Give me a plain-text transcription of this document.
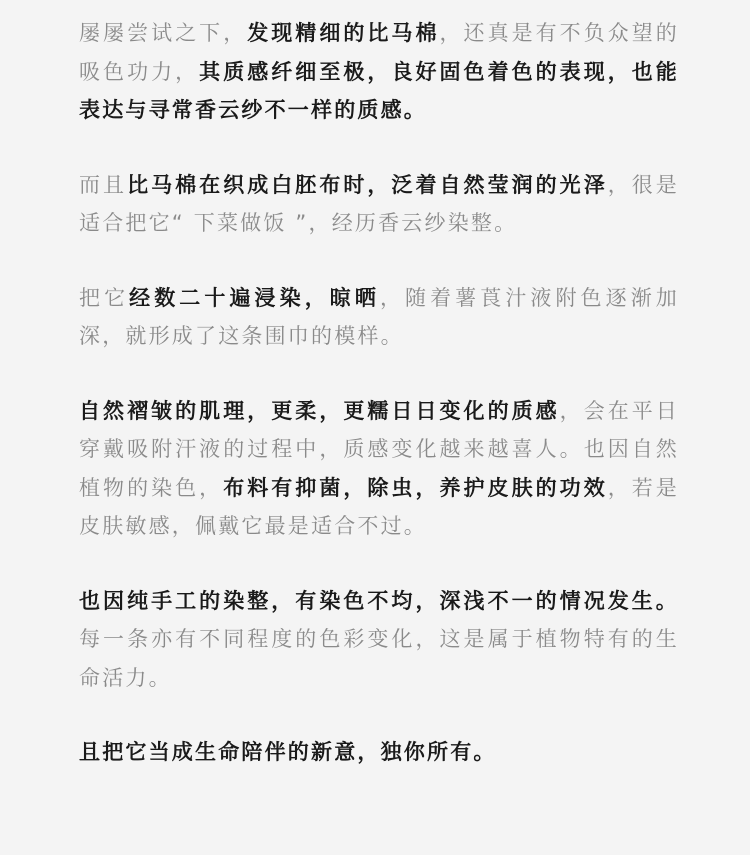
屡屡尝试之下，发现精细的比马棉，还真是有不负众望的吸色功力，其质感纤细至极，良好固色着色的表现，也能表达与寻常香云纱不一样的质感。

而且比马棉在织成白胚布时，泛着自然莹润的光泽，很是适合把它“ 下菜做饭 ”，经历香云纱染整。

把它经数二十遍浸染，晾晒，随着薯莨汁液附色逐渐加深，就形成了这条围巾的模样。

自然褶皱的肌理，更柔，更糯日日变化的质感，会在平日穿戴吸附汗液的过程中，质感变化越来越喜人。也因自然植物的染色，布料有抑菌，除虫，养护皮肤的功效，若是皮肤敏感，佩戴它最是适合不过。

也因纯手工的染整，有染色不均，深浅不一的情况发生。每一条亦有不同程度的色彩变化，这是属于植物特有的生命活力。

且把它当成生命陪伴的新意，独你所有。
